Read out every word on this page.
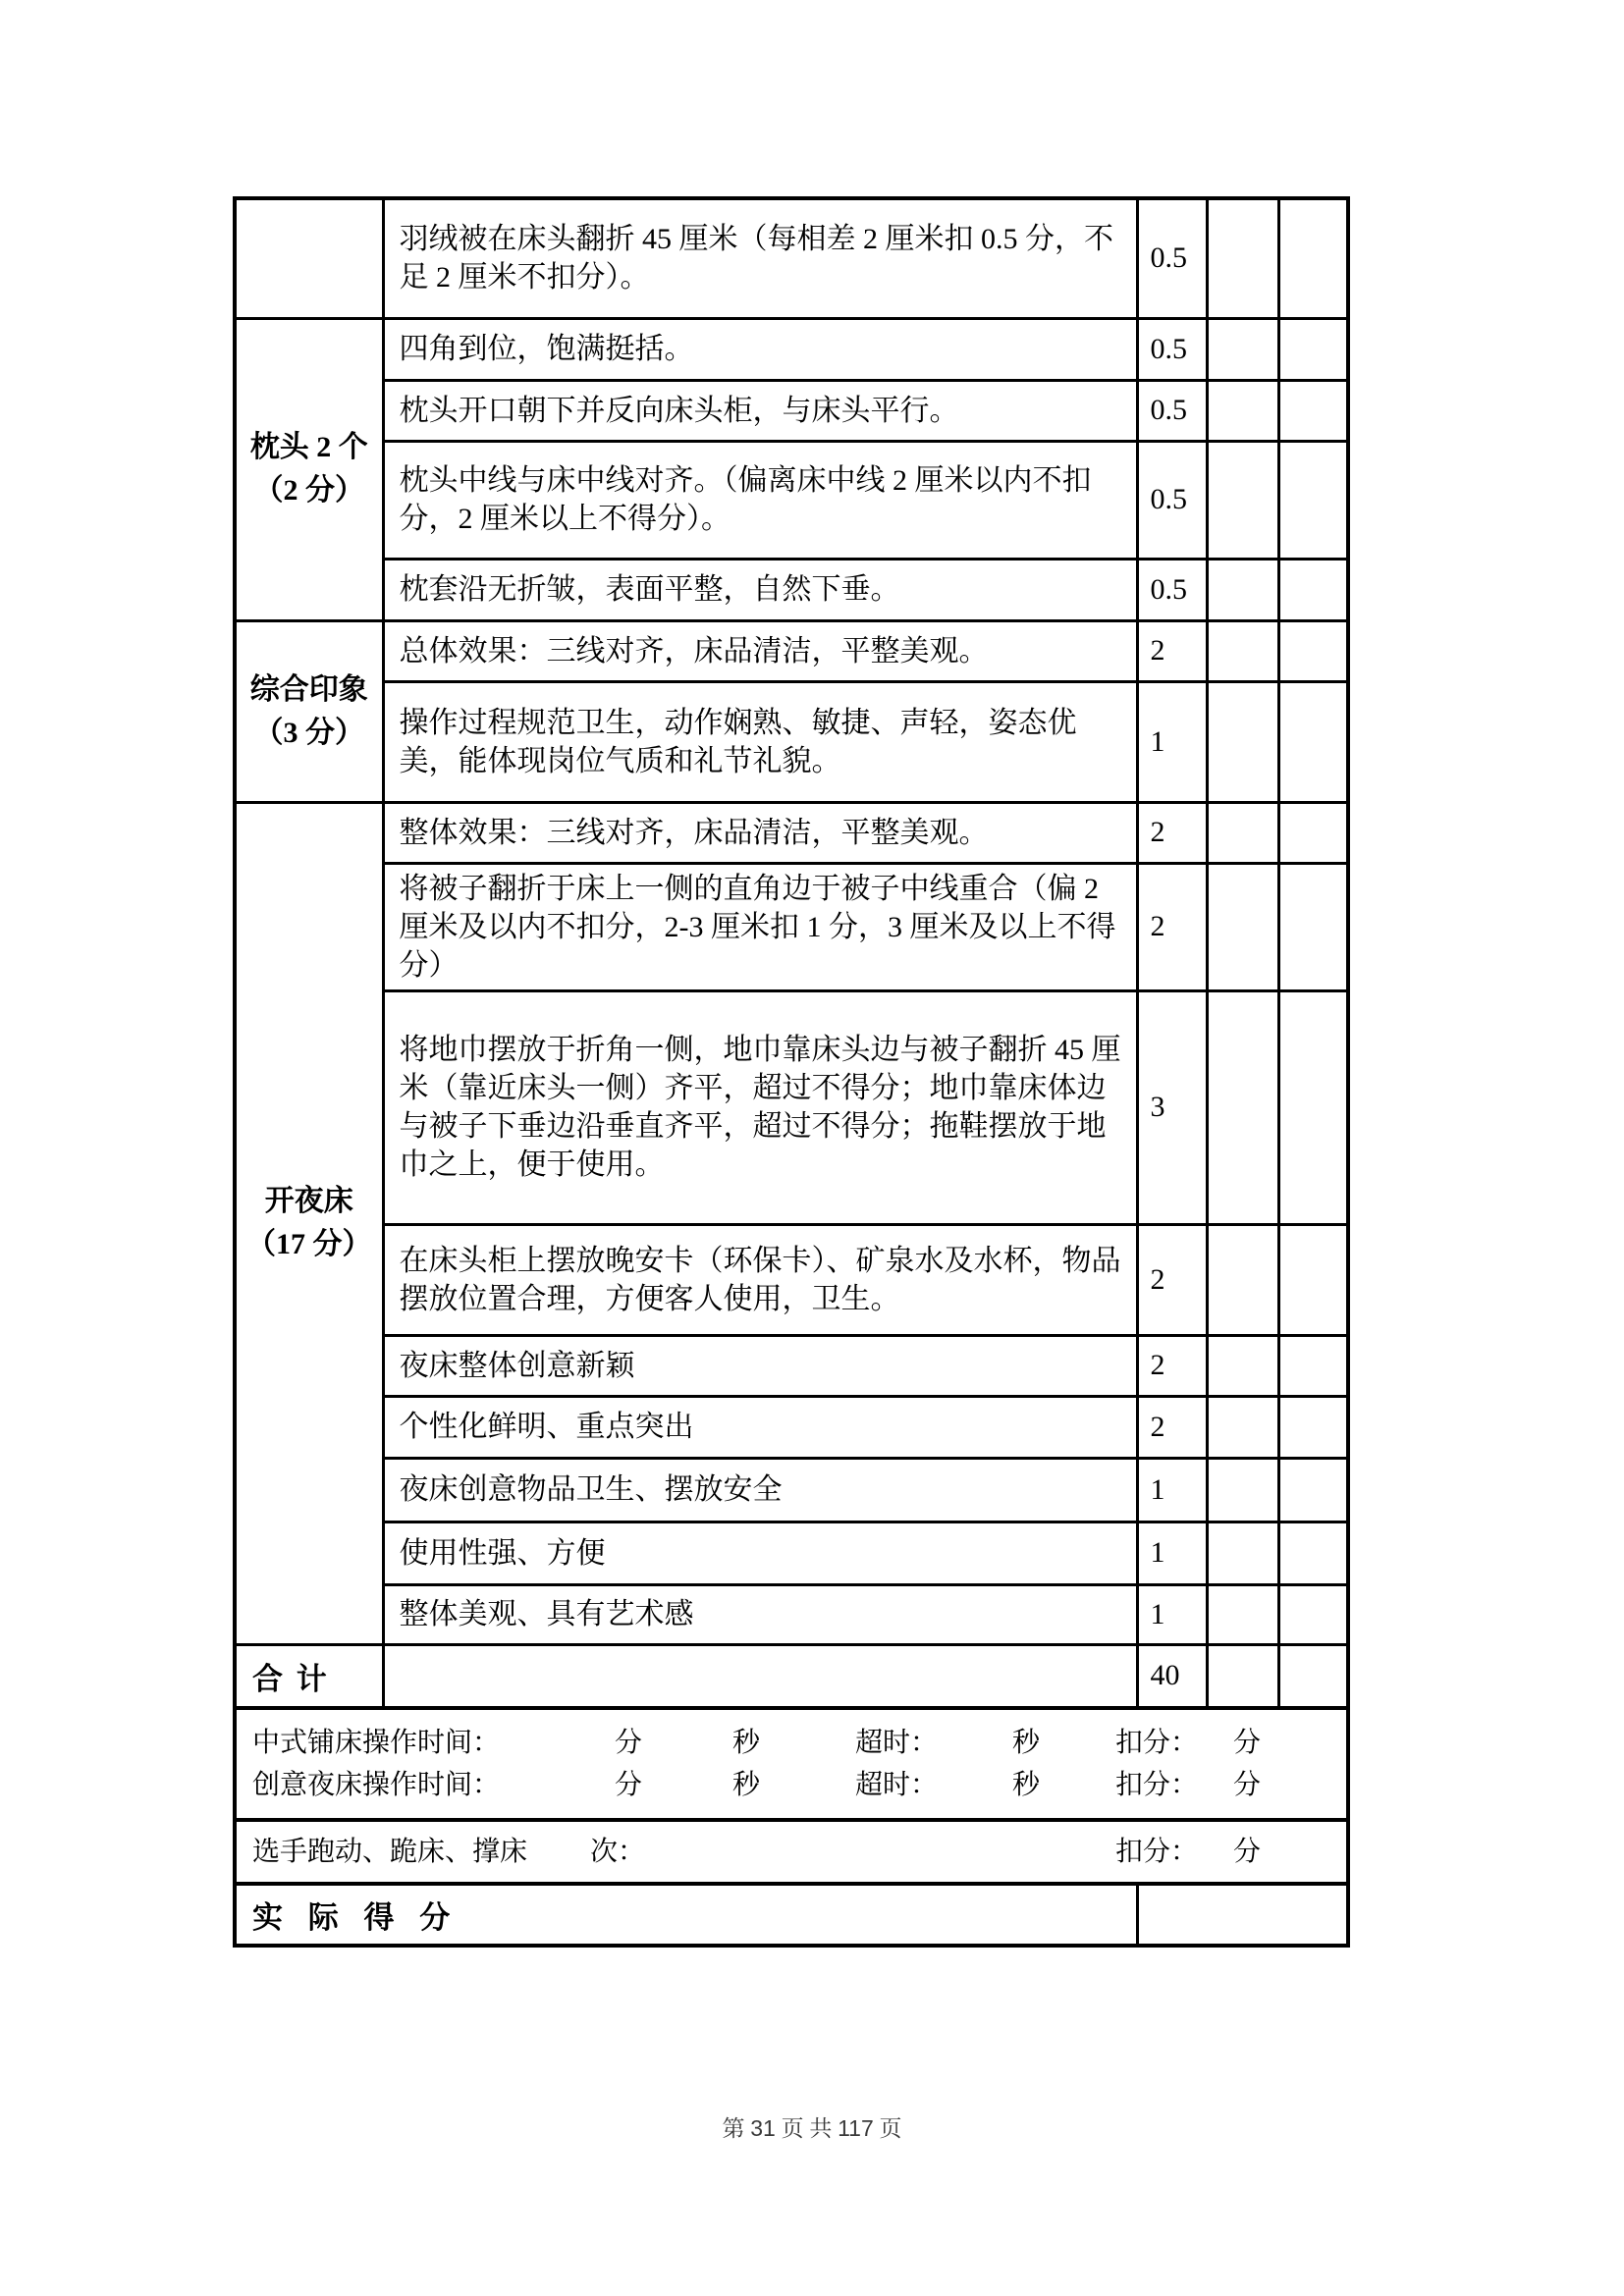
	羽绒被在床头翻折 45 厘米（每相差 2 厘米扣 0.5 分，不足 2 厘米不扣分）。	0.5		

枕头 2 个
（2 分）	四角到位，饱满挺括。	0.5		
	枕头开口朝下并反向床头柜，与床头平行。	0.5		
	枕头中线与床中线对齐。（偏离床中线 2 厘米以内不扣分，2 厘米以上不得分）。	0.5		
	枕套沿无折皱，表面平整，自然下垂。	0.5		

综合印象
（3 分）	总体效果：三线对齐，床品清洁，平整美观。	2		
	操作过程规范卫生，动作娴熟、敏捷、声轻，姿态优美，能体现岗位气质和礼节礼貌。	1		

开夜床
（17 分）	整体效果：三线对齐，床品清洁，平整美观。	2		
	将被子翻折于床上一侧的直角边于被子中线重合（偏 2 厘米及以内不扣分，2-3 厘米扣 1 分，3 厘米及以上不得分）	2		
	将地巾摆放于折角一侧，地巾靠床头边与被子翻折 45 厘米（靠近床头一侧）齐平，超过不得分；地巾靠床体边与被子下垂边沿垂直齐平，超过不得分；拖鞋摆放于地巾之上，便于使用。	3		
	在床头柜上摆放晚安卡（环保卡）、矿泉水及水杯，物品摆放位置合理，方便客人使用，卫生。	2		
	夜床整体创意新颖	2		
	个性化鲜明、重点突出	2		
	夜床创意物品卫生、摆放安全	1		
	使用性强、方便	1		
	整体美观、具有艺术感	1		
合 计		40		

中式铺床操作时间：	分	秒	超时：	秒	扣分： 分
创意夜床操作时间：	分	秒	超时：	秒	扣分： 分

选手跑动、跪床、撑床 次： 扣分： 分				

实 际 得 分				
第 31 页 共 117 页
